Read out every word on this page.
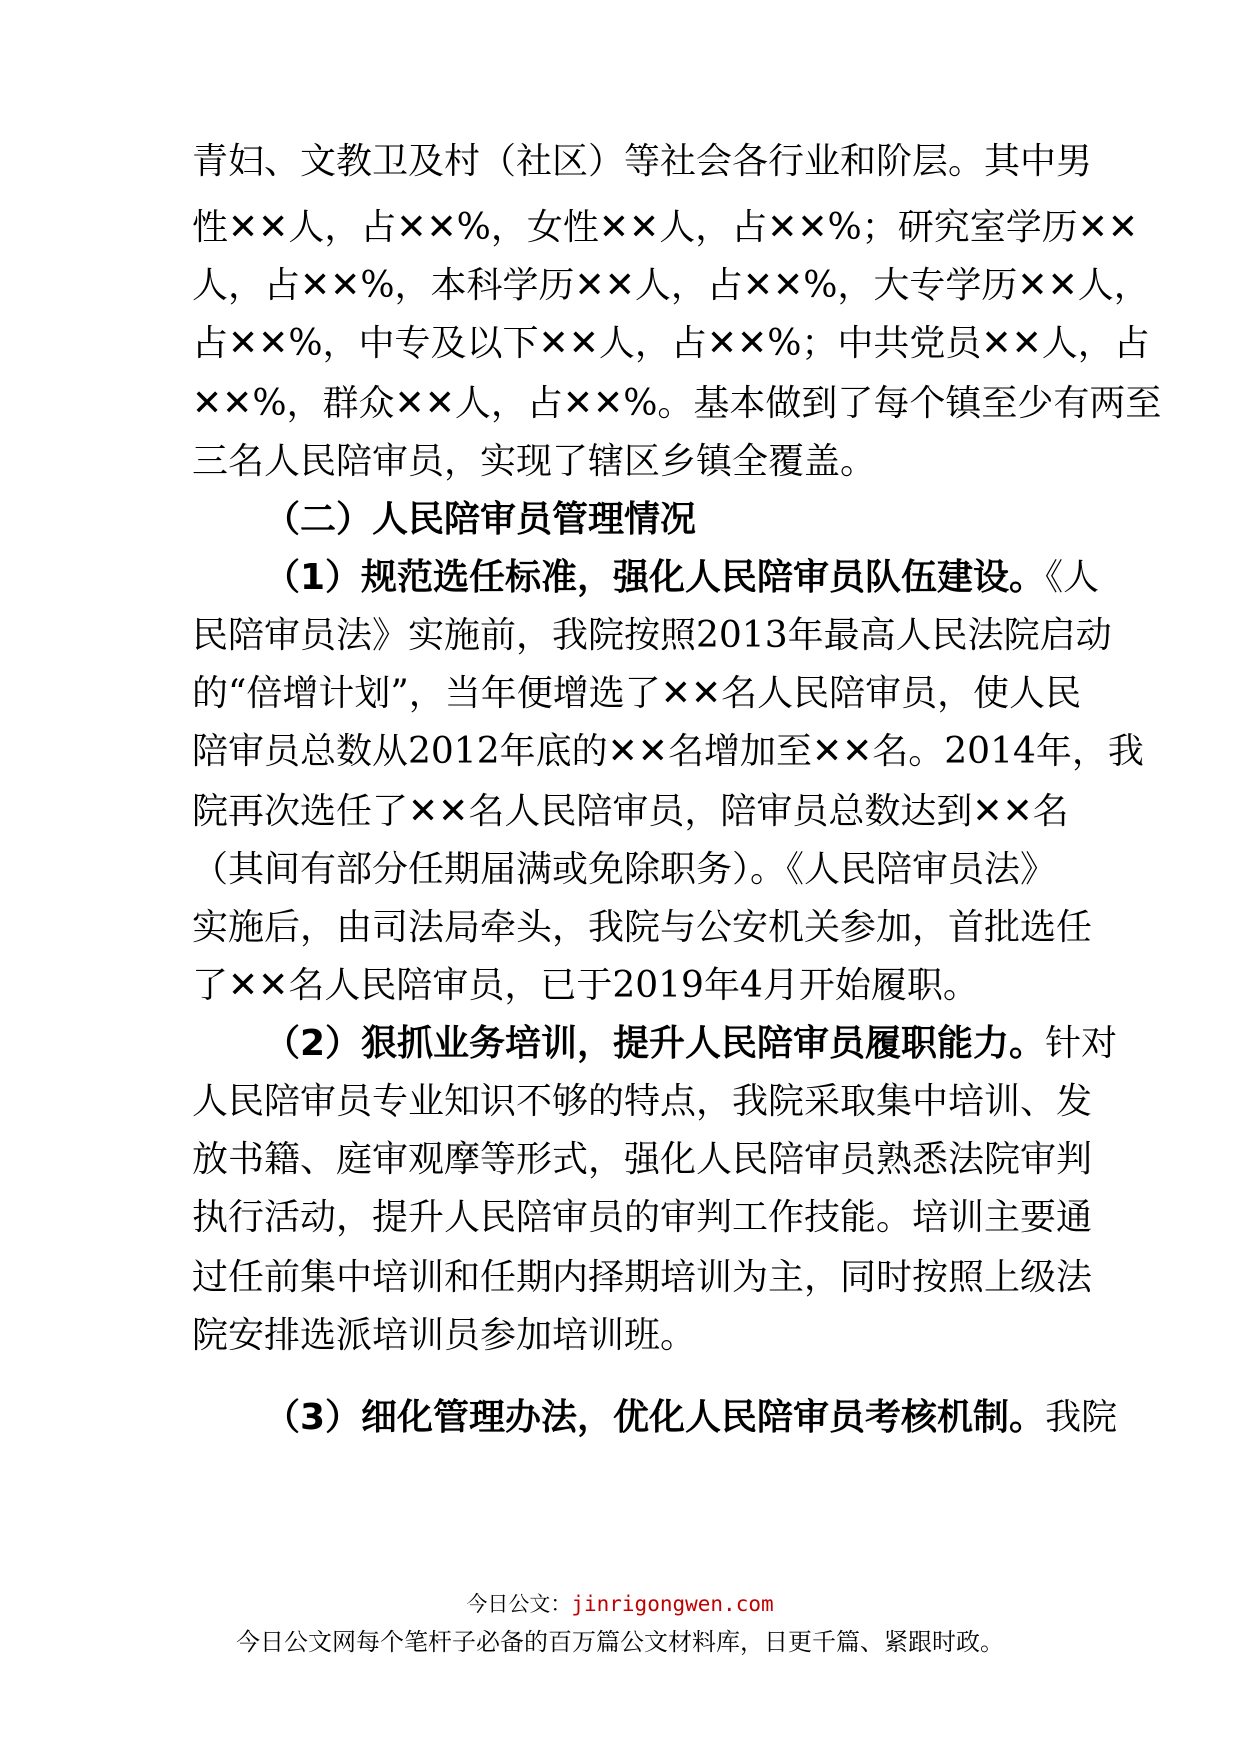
青妇、文教卫及村（社区）等社会各行业和阶层。其中男
性✕✕人，占✕✕%，女性✕✕人，占✕✕%；研究室学历✕✕
人，占✕✕%，本科学历✕✕人，占✕✕%，大专学历✕✕人，
占✕✕%，中专及以下✕✕人，占✕✕%；中共党员✕✕人，占
✕✕%，群众✕✕人，占✕✕%。基本做到了每个镇至少有两至
三名人民陪审员，实现了辖区乡镇全覆盖。
（二）人民陪审员管理情况
（1）规范选任标准，强化人民陪审员队伍建设。《人
民陪审员法》实施前，我院按照2013年最高人民法院启动
的“倍增计划”，当年便增选了✕✕名人民陪审员，使人民
陪审员总数从2012年底的✕✕名增加至✕✕名。2014年，我
院再次选任了✕✕名人民陪审员，陪审员总数达到✕✕名
（其间有部分任期届满或免除职务）。《人民陪审员法》
实施后，由司法局牵头，我院与公安机关参加，首批选任
了✕✕名人民陪审员，已于2019年4月开始履职。
（2）狠抓业务培训，提升人民陪审员履职能力。针对
人民陪审员专业知识不够的特点，我院采取集中培训、发
放书籍、庭审观摩等形式，强化人民陪审员熟悉法院审判
执行活动，提升人民陪审员的审判工作技能。培训主要通
过任前集中培训和任期内择期培训为主，同时按照上级法
院安排选派培训员参加培训班。
（3）细化管理办法，优化人民陪审员考核机制。我院
今日公文：jinrigongwen.com
今日公文网每个笔杆子必备的百万篇公文材料库，日更千篇、紧跟时政。
